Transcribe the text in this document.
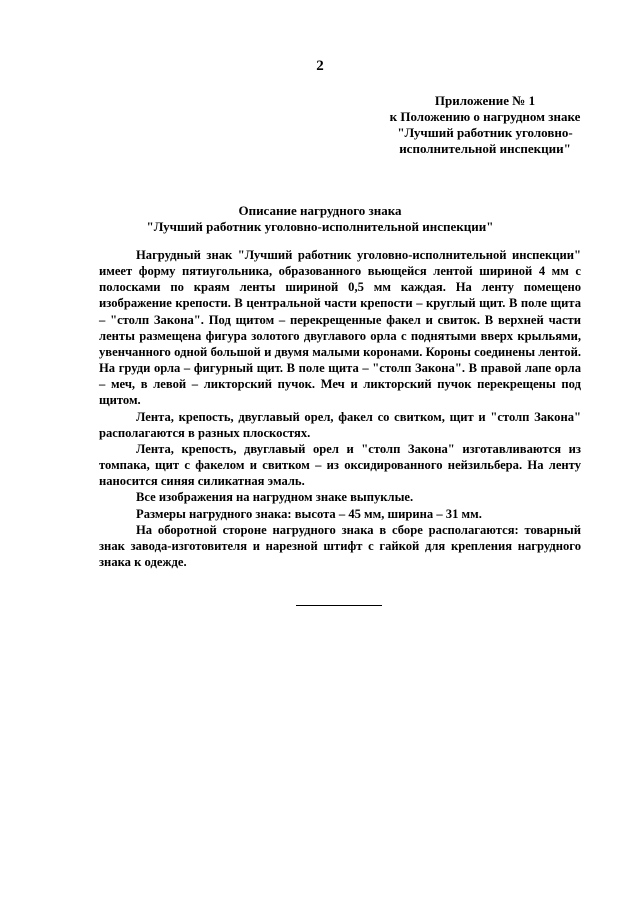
2
Приложение № 1
к Положению о нагрудном знаке
"Лучший работник уголовно-
исполнительной инспекции"
Описание нагрудного знака
"Лучший работник уголовно-исполнительной инспекции"

Нагрудный знак "Лучший работник уголовно-исполнительной инспекции" имеет форму пятиугольника, образованного вьющейся лентой шириной 4 мм с полосками по краям ленты шириной 0,5 мм каждая. На ленту помещено изображение крепости. В центральной части крепости – круглый щит. В поле щита – "столп Закона". Под щитом – перекрещенные факел и свиток. В верхней части ленты размещена фигура золотого двуглавого орла с поднятыми вверх крыльями, увенчанного одной большой и двумя малыми коронами. Короны соединены лентой. На груди орла – фигурный щит. В поле щита – "столп Закона". В правой лапе орла – меч, в левой – ликторский пучок. Меч и ликторский пучок перекрещены под щитом.

Лента, крепость, двуглавый орел, факел со свитком, щит и "столп Закона" располагаются в разных плоскостях.

Лента, крепость, двуглавый орел и "столп Закона" изготавливаются из томпака, щит с факелом и свитком – из оксидированного нейзильбера. На ленту наносится синяя силикатная эмаль.

Все изображения на нагрудном знаке выпуклые.

Размеры нагрудного знака: высота – 45 мм, ширина – 31 мм.

На оборотной стороне нагрудного знака в сборе располагаются: товарный знак завода-изготовителя и нарезной штифт с гайкой для крепления нагрудного знака к одежде.
